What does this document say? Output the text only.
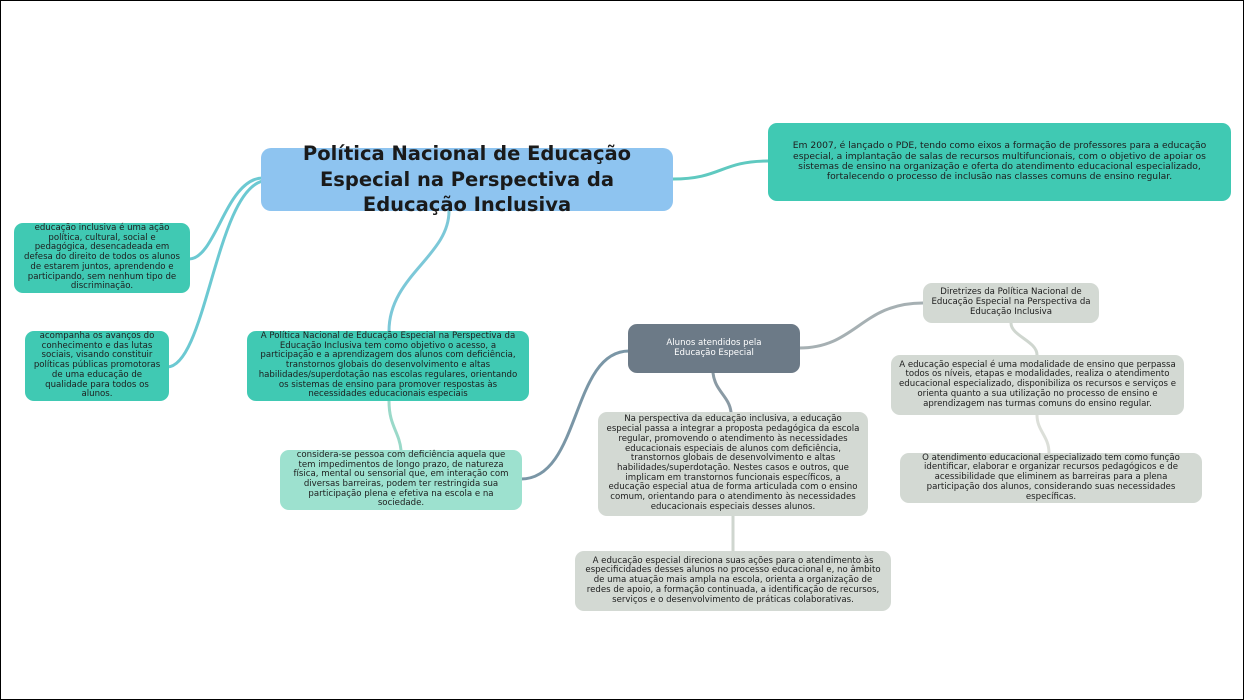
Política Nacional de Educação Especial na Perspectiva da Educação Inclusiva
Em 2007, é lançado o PDE, tendo como eixos a formação de professores para a educação especial, a implantação de salas de recursos multifuncionais, com o objetivo de apoiar os sistemas de ensino na organização e oferta do atendimento educacional especializado, fortalecendo o processo de inclusão nas classes comuns de ensino regular.
educação inclusiva é uma ação política, cultural, social e pedagógica, desencadeada em defesa do direito de todos os alunos de estarem juntos, aprendendo e participando, sem nenhum tipo de discriminação.
acompanha os avanços do conhecimento e das lutas sociais, visando constituir políticas públicas promotoras de uma educação de qualidade para todos os alunos.
A Política Nacional de Educação Especial na Perspectiva da Educação Inclusiva tem como objetivo o acesso, a participação e a aprendizagem dos alunos com deficiência, transtornos globais do desenvolvimento e altas habilidades/superdotação nas escolas regulares, orientando os sistemas de ensino para promover respostas às necessidades educacionais especiais
considera-se pessoa com deficiência aquela que tem impedimentos de longo prazo, de natureza física, mental ou sensorial que, em interação com diversas barreiras, podem ter restringida sua participação plena e efetiva na escola e na sociedade.
Alunos atendidos pela Educação Especial
Na perspectiva da educação inclusiva, a educação especial passa a integrar a proposta pedagógica da escola regular, promovendo o atendimento às necessidades educacionais especiais de alunos com deficiência, transtornos globais de desenvolvimento e altas habilidades/superdotação. Nestes casos e outros, que implicam em transtornos funcionais específicos, a educação especial atua de forma articulada com o ensino comum, orientando para o atendimento às necessidades educacionais especiais desses alunos.
A educação especial direciona suas ações para o atendimento às especificidades desses alunos no processo educacional e, no âmbito de uma atuação mais ampla na escola, orienta a organização de redes de apoio, a formação continuada, a identificação de recursos, serviços e o desenvolvimento de práticas colaborativas.
Diretrizes da Política Nacional de Educação Especial na Perspectiva da Educação Inclusiva
A educação especial é uma modalidade de ensino que perpassa todos os níveis, etapas e modalidades, realiza o atendimento educacional especializado, disponibiliza os recursos e serviços e orienta quanto a sua utilização no processo de ensino e aprendizagem nas turmas comuns do ensino regular.
O atendimento educacional especializado tem como função identificar, elaborar e organizar recursos pedagógicos e de acessibilidade que eliminem as barreiras para a plena participação dos alunos, considerando suas necessidades específicas.
